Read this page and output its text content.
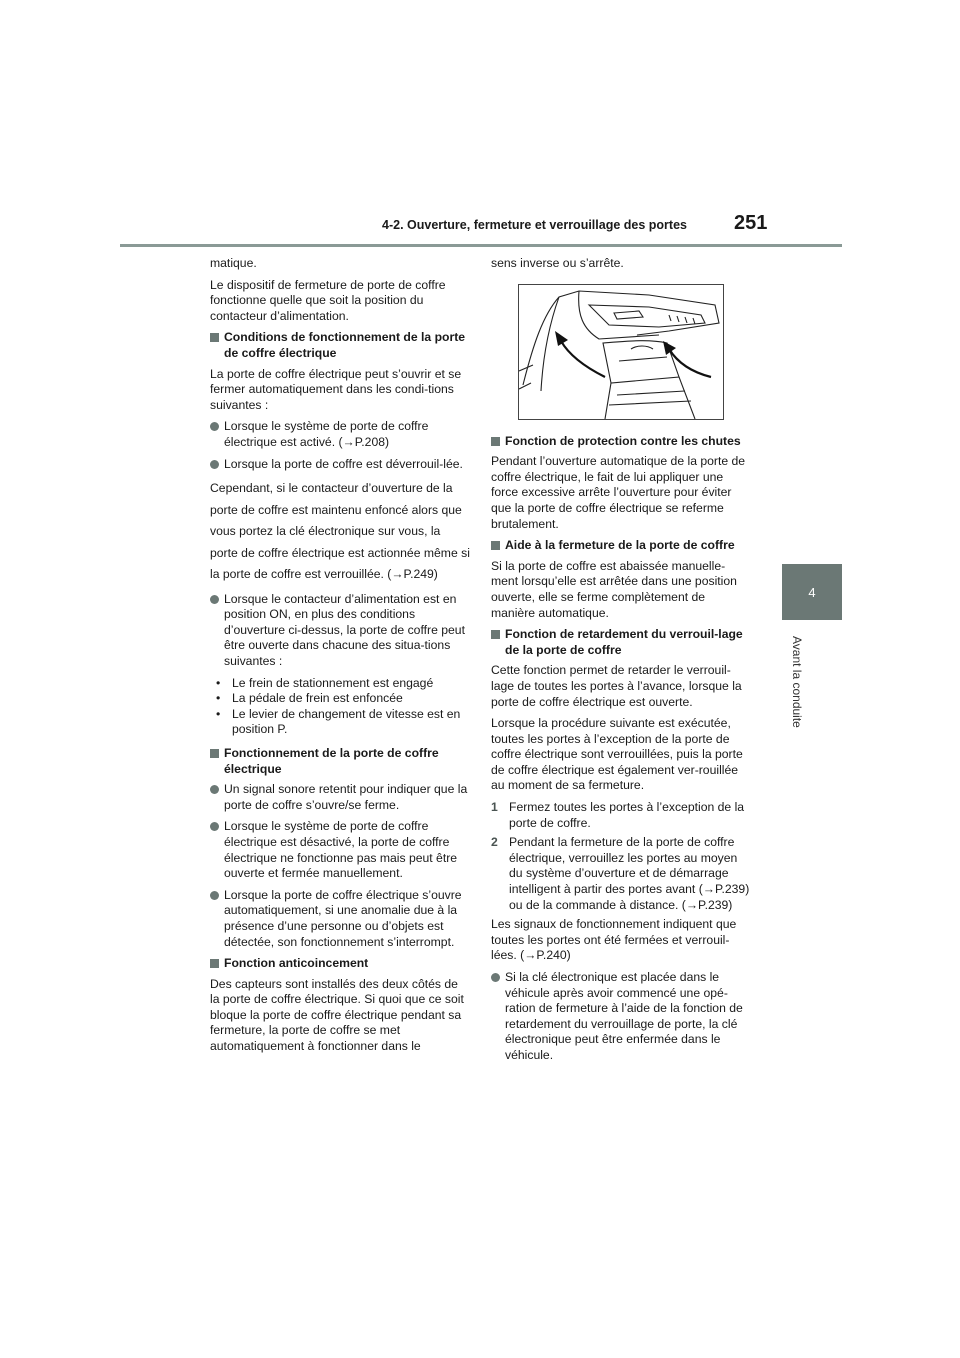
4-2. Ouverture, fermeture et verrouillage des portes 251
4
Avant la conduite

matique.

Le dispositif de fermeture de porte de coffre fonctionne quelle que soit la position du contacteur d’alimentation.

Conditions de fonctionnement de la porte de coffre électrique

La porte de coffre électrique peut s’ouvrir et se fermer automatiquement dans les condi-tions suivantes :

Lorsque le système de porte de coffre électrique est activé. (→P.208)
Lorsque la porte de coffre est déverrouil-lée.

Cependant, si le contacteur d’ouverture de la porte de coffre est maintenu enfoncé alors que vous portez la clé électronique sur vous, la porte de coffre électrique est actionnée même si la porte de coffre est verrouillée. (→P.249)

Lorsque le contacteur d’alimentation est en position ON, en plus des conditions d’ouverture ci-dessus, la porte de coffre peut être ouverte dans chacune des situa-tions suivantes :
• Le frein de stationnement est engagé
• La pédale de frein est enfoncée
• Le levier de changement de vitesse est en position P.
Fonctionnement de la porte de coffre électrique
Un signal sonore retentit pour indiquer que la porte de coffre s’ouvre/se ferme.
Lorsque le système de porte de coffre électrique est désactivé, la porte de coffre électrique ne fonctionne pas mais peut être ouverte et fermée manuellement.
Lorsque la porte de coffre électrique s’ouvre automatiquement, si une anomalie due à la présence d’une personne ou d’objets est détectée, son fonctionnement s’interrompt.
Fonction anticoincement

Des capteurs sont installés des deux côtés de la porte de coffre électrique. Si quoi que ce soit bloque la porte de coffre électrique pendant sa fermeture, la porte de coffre se met automatiquement à fonctionner dans le

sens inverse ou s’arrête.

Fonction de protection contre les chutes

Pendant l’ouverture automatique de la porte de coffre électrique, le fait de lui appliquer une force excessive arrête l’ouverture pour éviter que la porte de coffre électrique se referme brutalement.

Aide à la fermeture de la porte de coffre

Si la porte de coffre est abaissée manuelle-ment lorsqu’elle est arrêtée dans une position ouverte, elle se ferme complètement de manière automatique.

Fonction de retardement du verrouil-lage de la porte de coffre

Cette fonction permet de retarder le verrouil-lage de toutes les portes à l’avance, lorsque la porte de coffre électrique est ouverte.

Lorsque la procédure suivante est exécutée, toutes les portes à l’exception de la porte de coffre électrique sont verrouillées, puis la porte de coffre électrique est également ver-rouillée au moment de sa fermeture.

1 Fermez toutes les portes à l’exception de la porte de coffre.
2 Pendant la fermeture de la porte de coffre électrique, verrouillez les portes au moyen du système d’ouverture et de démarrage intelligent à partir des portes avant (→P.239) ou de la commande à distance. (→P.239)

Les signaux de fonctionnement indiquent que toutes les portes ont été fermées et verrouil-lées. (→P.240)

Si la clé électronique est placée dans le véhicule après avoir commencé une opé-ration de fermeture à l’aide de la fonction de retardement du verrouillage de porte, la clé électronique peut être enfermée dans le véhicule.
